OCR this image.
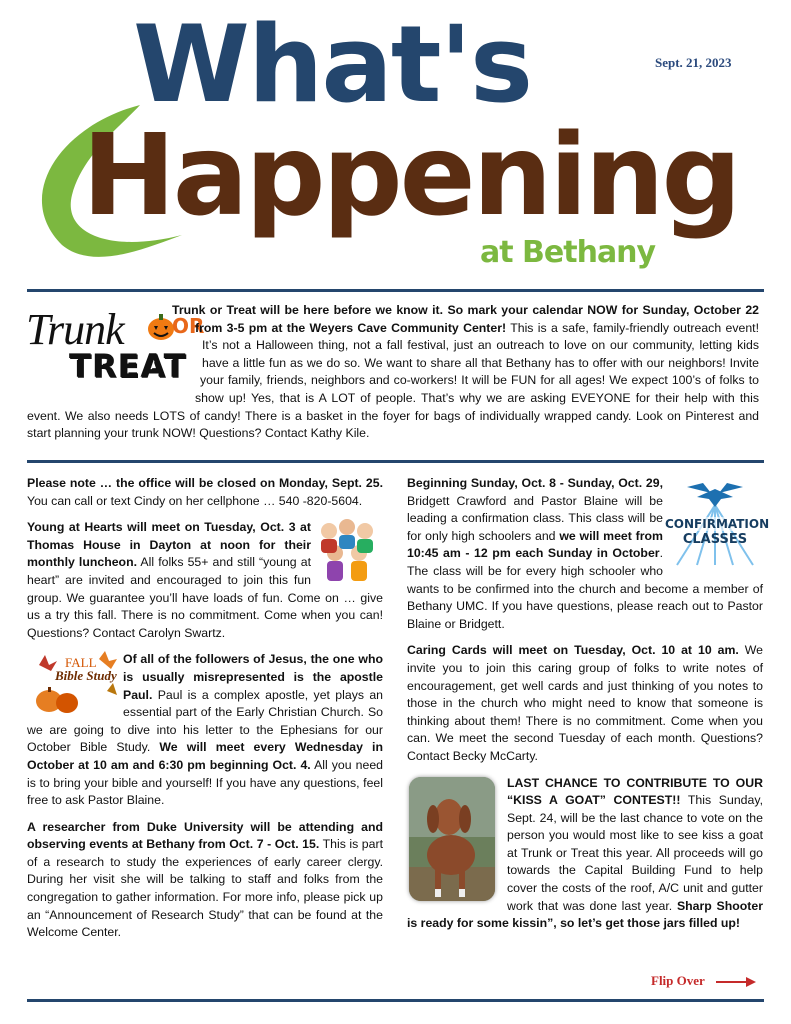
Sept. 21, 2023
What's
Happening
at Bethany
Trunk OR
TREAT

Trunk or Treat will be here before we know it. So mark your calendar NOW for Sunday, October 22 from 3-5 pm at the Weyers Cave Community Center! This is a safe, family-friendly outreach event! It’s not a Halloween thing, not a fall festival, just an outreach to love on our community, letting kids have a little fun as we do so. We want to share all that Bethany has to offer with our neighbors! Invite your family, friends, neighbors and co-workers! It will be FUN for all ages! We expect 100’s of folks to show up! Yes, that is A LOT of people. That’s why we are asking EVEYONE for their help with this event. We also needs LOTS of candy! There is a basket in the foyer for bags of individually wrapped candy. Look on Pinterest and start planning your trunk NOW! Questions? Contact Kathy Kile.

Please note … the office will be closed on Monday, Sept. 25. You can call or text Cindy on her cellphone … 540 -820-5604.

Young at Hearts will meet on Tuesday, Oct. 3 at Thomas House in Dayton at noon for their monthly luncheon. All folks 55+ and still “young at heart” are invited and encouraged to join this fun group. We guarantee you’ll have loads of fun. Come on … give us a try this fall. There is no commitment. Come when you can! Questions? Contact Carolyn Swartz.

FALL
Bible Study

Of all of the followers of Jesus, the one who is usually misrepresented is the apostle Paul. Paul is a complex apostle, yet plays an essential part of the Early Christian Church. So we are going to dive into his letter to the Ephesians for our October Bible Study. We will meet every Wednesday in October at 10 am and 6:30 pm beginning Oct. 4. All you need is to bring your bible and yourself! If you have any questions, feel free to ask Pastor Blaine.

A researcher from Duke University will be attending and observing events at Bethany from Oct. 7 - Oct. 15. This is part of a research to study the experiences of early career clergy. During her visit she will be talking to staff and folks from the congregation to gather information. For more info, please pick up an “Announcement of Research Study” that can be found at the Welcome Center.

CONFIRMATION
CLASSES

Beginning Sunday, Oct. 8 - Sunday, Oct. 29, Bridgett Crawford and Pastor Blaine will be leading a confirmation class. This class will be for only high schoolers and we will meet from 10:45 am - 12 pm each Sunday in October. The class will be for every high schooler who wants to be confirmed into the church and become a member of Bethany UMC. If you have questions, please reach out to Pastor Blaine or Bridgett.

Caring Cards will meet on Tuesday, Oct. 10 at 10 am. We invite you to join this caring group of folks to write notes of encouragement, get well cards and just thinking of you notes to those in the church who might need to know that someone is thinking about them! There is no commitment. Come when you can. We meet the second Tuesday of each month. Questions? Contact Becky McCarty.

LAST CHANCE TO CONTRIBUTE TO OUR “KISS A GOAT” CONTEST!! This Sunday, Sept. 24, will be the last chance to vote on the person you would most like to see kiss a goat at Trunk or Treat this year. All proceeds will go towards the Capital Building Fund to help cover the costs of the roof, A/C unit and gutter work that was done last year. Sharp Shooter is ready for some kissin”, so let’s get those jars filled up!

Flip Over
